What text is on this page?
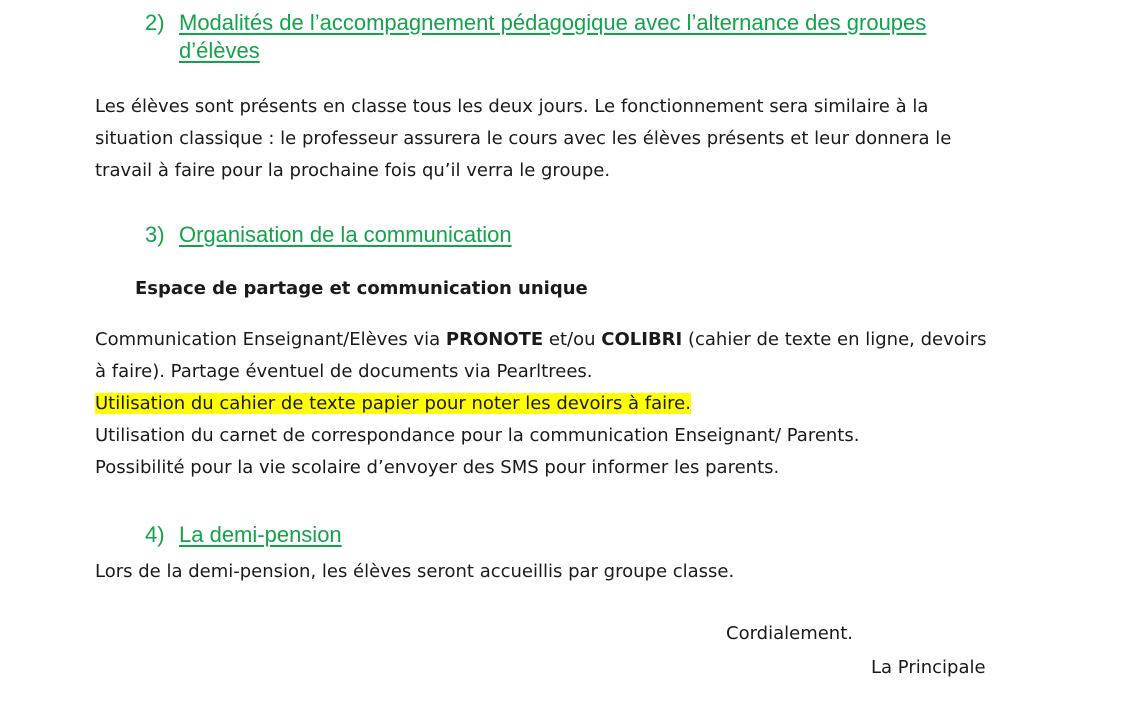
2) Modalités de l’accompagnement pédagogique avec l’alternance des groupes
d’élèves
Les élèves sont présents en classe tous les deux jours. Le fonctionnement sera similaire à la
situation classique : le professeur assurera le cours avec les élèves présents et leur donnera le
travail à faire pour la prochaine fois qu’il verra le groupe.
3) Organisation de la communication
Espace de partage et communication unique
Communication Enseignant/Elèves via PRONOTE et/ou COLIBRI (cahier de texte en ligne, devoirs
à faire). Partage éventuel de documents via Pearltrees.
Utilisation du cahier de texte papier pour noter les devoirs à faire.
Utilisation du carnet de correspondance pour la communication Enseignant/ Parents.
Possibilité pour la vie scolaire d’envoyer des SMS pour informer les parents.
4) La demi-pension
Lors de la demi-pension, les élèves seront accueillis par groupe classe.
Cordialement.
La Principale
